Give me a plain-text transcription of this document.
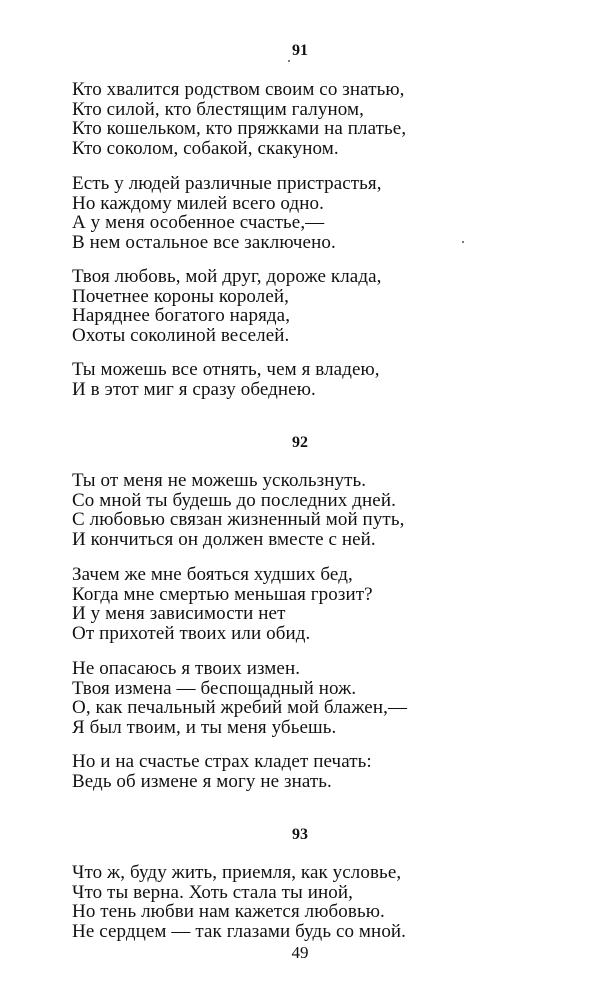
91
Кто хвалится родством своим со знатью,
Кто силой, кто блестящим галуном,
Кто кошельком, кто пряжками на платье,
Кто соколом, собакой, скакуном.
Есть у людей различные пристрастья,
Но каждому милей всего одно.
А у меня особенное счастье,—
В нем остальное все заключено.
Твоя любовь, мой друг, дороже клада,
Почетнее короны королей,
Наряднее богатого наряда,
Охоты соколиной веселей.
Ты можешь все отнять, чем я владею,
И в этот миг я сразу обеднею.
92
Ты от меня не можешь ускользнуть.
Со мной ты будешь до последних дней.
С любовью связан жизненный мой путь,
И кончиться он должен вместе с ней.
Зачем же мне бояться худших бед,
Когда мне смертью меньшая грозит?
И у меня зависимости нет
От прихотей твоих или обид.
Не опасаюсь я твоих измен.
Твоя измена — беспощадный нож.
О, как печальный жребий мой блажен,—
Я был твоим, и ты меня убьешь.
Но и на счастье страх кладет печать:
Ведь об измене я могу не знать.
93
Что ж, буду жить, приемля, как условье,
Что ты верна. Хоть стала ты иной,
Но тень любви нам кажется любовью.
Не сердцем — так глазами будь со мной.
49
